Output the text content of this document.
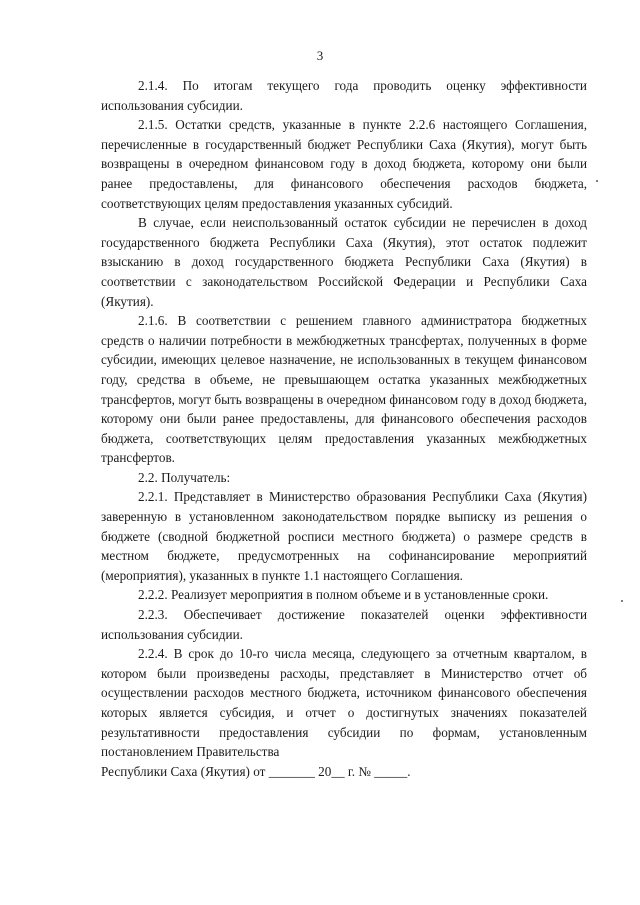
3

2.1.4. По итогам текущего года проводить оценку эффективности использования субсидии.

2.1.5. Остатки средств, указанные в пункте 2.2.6 настоящего Соглашения, перечисленные в государственный бюджет Республики Саха (Якутия), могут быть возвращены в очередном финансовом году в доход бюджета, которому они были ранее предоставлены, для финансового обеспечения расходов бюджета, соответствующих целям предоставления указанных субсидий.

В случае, если неиспользованный остаток субсидии не перечислен в доход государственного бюджета Республики Саха (Якутия), этот остаток подлежит взысканию в доход государственного бюджета Республики Саха (Якутия) в соответствии с законодательством Российской Федерации и Республики Саха (Якутия).

2.1.6. В соответствии с решением главного администратора бюджетных средств о наличии потребности в межбюджетных трансфертах, полученных в форме субсидии, имеющих целевое назначение, не использованных в текущем финансовом году, средства в объеме, не превышающем остатка указанных межбюджетных трансфертов, могут быть возвращены в очередном финансовом году в доход бюджета, которому они были ранее предоставлены, для финансового обеспечения расходов бюджета, соответствующих целям предоставления указанных межбюджетных трансфертов.

2.2. Получатель:

2.2.1. Представляет в Министерство образования Республики Саха (Якутия) заверенную в установленном законодательством порядке выписку из решения о бюджете (сводной бюджетной росписи местного бюджета) о размере средств в местном бюджете, предусмотренных на софинансирование мероприятий (мероприятия), указанных в пункте 1.1 настоящего Соглашения.

2.2.2. Реализует мероприятия в полном объеме и в установленные сроки.

2.2.3. Обеспечивает достижение показателей оценки эффективности использования субсидии.

2.2.4. В срок до 10-го числа месяца, следующего за отчетным кварталом, в котором были произведены расходы, представляет в Министерство отчет об осуществлении расходов местного бюджета, источником финансового обеспечения которых является субсидия, и отчет о достигнутых значениях показателей результативности предоставления субсидии по формам, установленным постановлением Правительства

Республики Саха (Якутия) от _______ 20__ г. № _____.
